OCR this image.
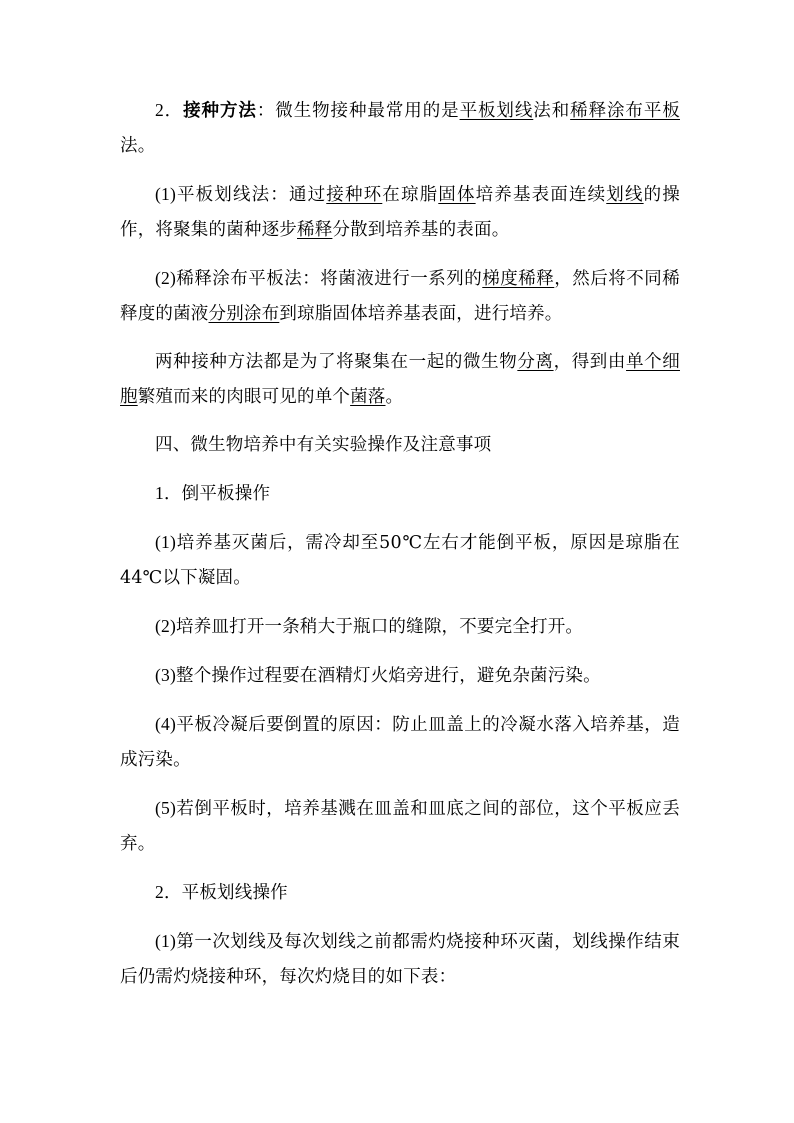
2．接种方法：微生物接种最常用的是平板划线法和稀释涂布平板法。

(1)平板划线法：通过接种环在琼脂固体培养基表面连续划线的操作，将聚集的菌种逐步稀释分散到培养基的表面。

(2)稀释涂布平板法：将菌液进行一系列的梯度稀释，然后将不同稀释度的菌液分别涂布到琼脂固体培养基表面，进行培养。

两种接种方法都是为了将聚集在一起的微生物分离，得到由单个细胞繁殖而来的肉眼可见的单个菌落。

四、微生物培养中有关实验操作及注意事项

1．倒平板操作

(1)培养基灭菌后，需冷却至50℃左右才能倒平板，原因是琼脂在44℃以下凝固。

(2)培养皿打开一条稍大于瓶口的缝隙，不要完全打开。

(3)整个操作过程要在酒精灯火焰旁进行，避免杂菌污染。

(4)平板冷凝后要倒置的原因：防止皿盖上的冷凝水落入培养基，造成污染。

(5)若倒平板时，培养基溅在皿盖和皿底之间的部位，这个平板应丢弃。

2．平板划线操作

(1)第一次划线及每次划线之前都需灼烧接种环灭菌，划线操作结束后仍需灼烧接种环，每次灼烧目的如下表：
